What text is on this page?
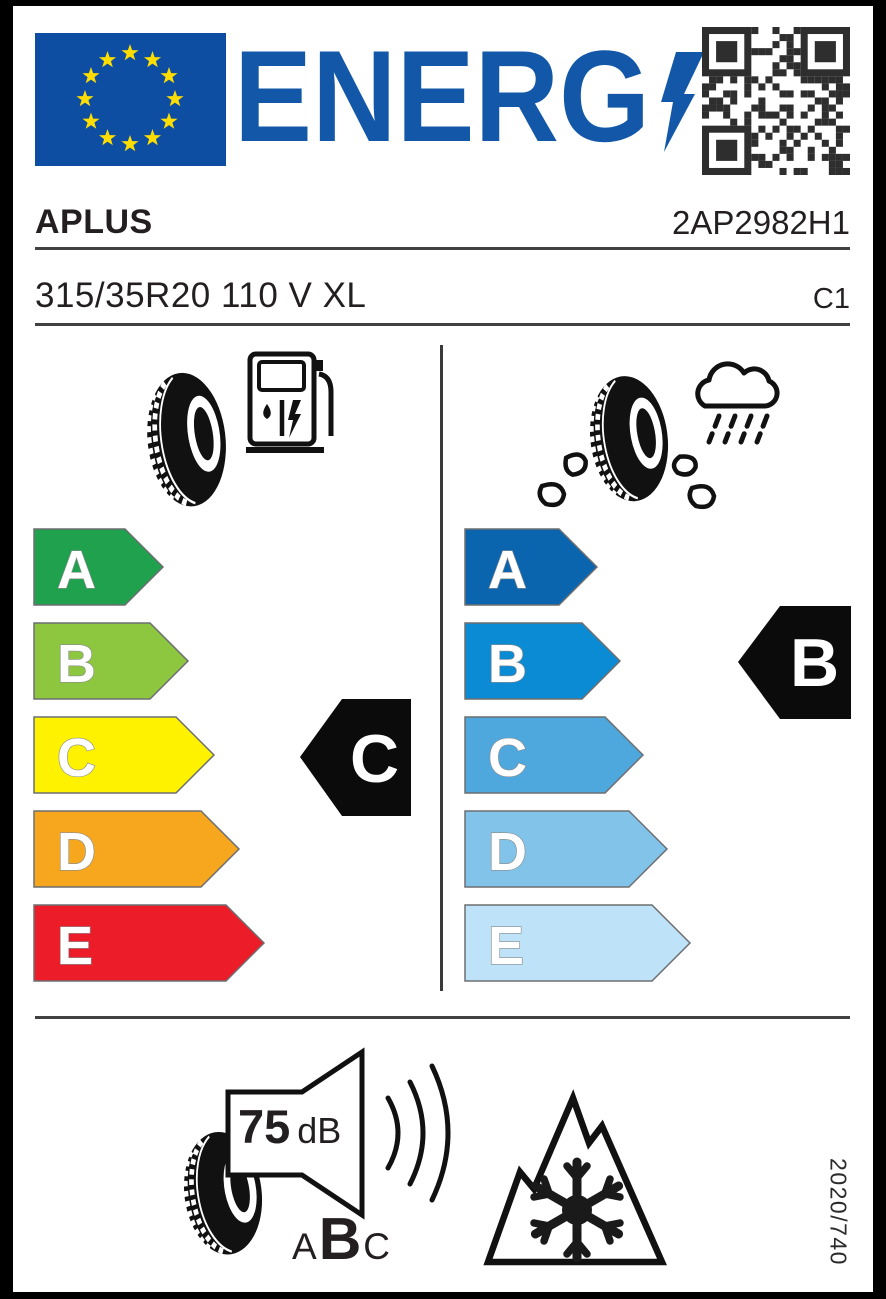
ENERG
APLUS	2AP2982H1
315/35R20 110 V XL	C1
A
B
C
D
E
C
A
B
C
D
E
B
75 dB
A B C	2020/740
